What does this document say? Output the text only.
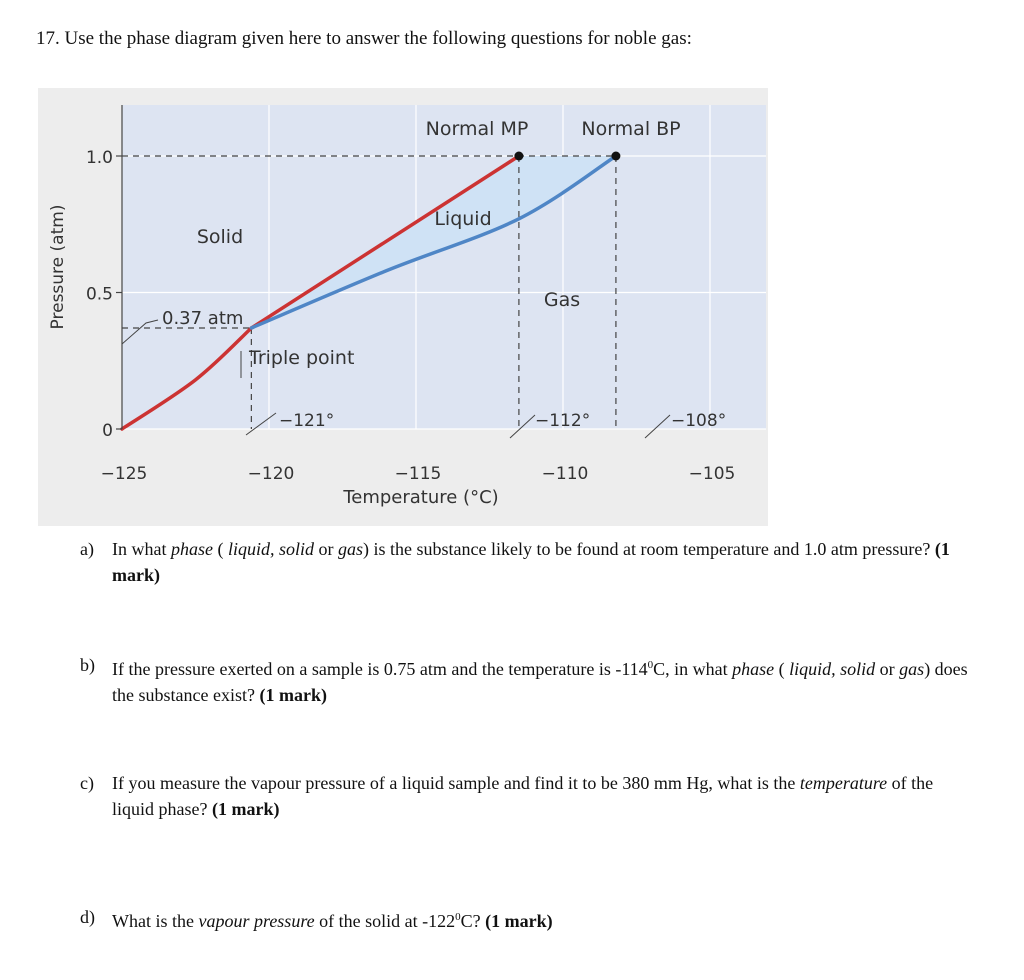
17. Use the phase diagram given here to answer the following questions for noble gas:
0
0.5
1.0
−125	−120	−115	−110	−105
Temperature (°C)
Pressure (atm)	Solid
Liquid
Gas
Normal MP	Normal BP
Triple point
0.37 atm
−121°	−112°	−108°
a) In what phase ( liquid, solid or gas) is the substance likely to be found at room temperature and 1.0 atm pressure? (1 mark)
b) If the pressure exerted on a sample is 0.75 atm and the temperature is $-114^0C$, in what phase ( liquid, solid or gas) does the substance exist? (1 mark)
c) If you measure the vapour pressure of a liquid sample and find it to be 380 mm Hg, what is the temperature of the liquid phase? (1 mark)
d) What is the vapour pressure of the solid at $-122^0C$? (1 mark)
